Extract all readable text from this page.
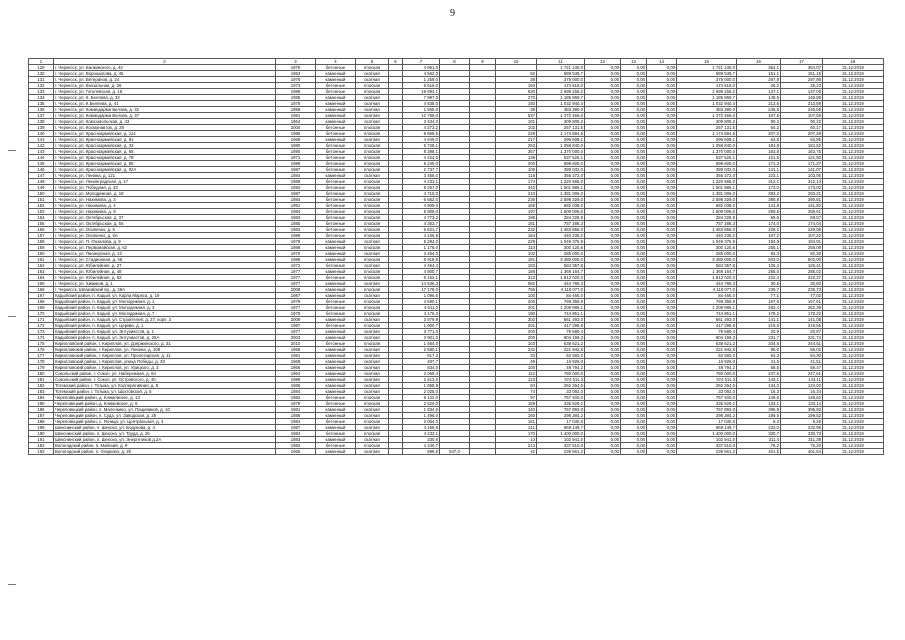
9
1	2	3	4	5	6	7	8	9	10	11	12	13	14	15	16	17	18
129	г. Черкесск, ул. Балкинского, д. 43	1976	бетонные	плоская		4 861,0				1 721 130,0	0,00	0,00	0,00	1 721 130,0	354,1	354,07	31.12.2019
130	г. Черкесск, ул. Ворошилова, д. 45	1953	каменный	скатная		4 562,0			82	689 539,7	0,00	0,00	0,00	689 539,7	151,1	151,15	31.12.2019
131	г. Черкесск, ул. Ветеранов, д. 24	1976	каменный	скатная		1 259,0			38	375 000,0	0,00	0,00	0,00	375 000,0	297,9	297,86	31.12.2019
132	г. Черкесск, ул. Вокзальная, д. 26	1973	бетонные	плоская		6 615,0			193	173 516,0	0,00	0,00	0,00	173 516,0	26,2	26,23	31.12.2019
133	г. Черкесск, ул. Гоголевская, д. 16	1986	бетонные	плоская		19 694,1			620	2 699 156,2	0,00	0,00	0,00	2 699 156,2	137,1	137,05	31.12.2019
134	г. Черкесск, ул. К. Беляева, д. 32	1985	каменный	скатная		7 987,0			270	1 185 869,7	0,00	0,00	0,00	1 185 869,7	148,5	148,85	31.12.2019
135	г. Черкесск, ул. К.Беляева, д. 41	1978	каменный	скатная		4 838,0			193	1 032 940,4	0,00	0,00	0,00	1 032 940,4	213,6	213,59	31.12.2019
136	г. Черкесск, ул. Командарма Белова, д. 32	1986	каменный	скатная		1 555,0			38	383 390,0	0,00	0,00	0,00	383 390,0	246,5	246,56	31.12.2019
137	г. Черкесск, ул. Командарма Белова, д. 37	1981	каменный	скатная		12 758,0			537	1 372 466,0	0,00	0,00	0,00	1 372 466,0	107,6	107,59	31.12.2019
138	г. Черкесск, ул. Комсомольская, д. 43	1964	каменный	скатная		3 434,0			101	309 805,2	0,00	0,00	0,00	309 805,2	90,2	90,22	31.12.2019
139	г. Черкесск, ул. Космонавтов, д. 28	2000	бетонные	плоская		4 273,2			102	257 131,6	0,00	0,00	0,00	257 131,6	60,2	60,17	31.12.2019
140	г. Черкесск, ул. Красноармейская, д. 114	1986	бетонные	плоская		5 669,5			229	1 174 594,8	0,00	0,00	0,00	1 174 594,8	207,2	207,29	31.12.2019
141	г. Черкесск, ул. Красноармейская, д. 81	1969	каменный	скатная		4 649,0			217	296 608,1	0,00	0,00	0,00	296 608,1	63,8	63,85	31.12.2019
142	г. Черкесск, ул. Красноармейская, д. 33	1990	бетонные	плоская		5 728,1			253	1 058 840,0	0,00	0,00	0,00	1 058 840,0	184,8	184,82	31.12.2019
143	г. Черкесск, ул. Красноармейская, д. 65	1990	бетонные	плоская		8 398,1			357	1 370 000,0	0,00	0,00	0,00	1 370 000,0	163,8	163,75	31.12.2019
144	г. Черкесск, ул. Красноармейская, д. 78	1971	бетонные	плоская		4 424,0			139	537 525,1	0,00	0,00	0,00	537 525,1	121,5	121,50	31.12.2019
145	г. Черкесск, ул. Красноармейская, д. 86	1989	бетонные	плоская		5 245,0			200	898 600,0	0,00	0,00	0,00	898 600,0	171,3	171,27	31.12.2019
146	г. Черкесск, ул. Красноармейская, д. 92А	1987	бетонные	плоская		2 737,7			109	389 032,0	0,00	0,00	0,00	389 032,0	141,1	141,07	31.12.2019
147	г. Черкесск, ул. Ленина, д. 121	1984	каменный	скатная		3 458,0			119	356 372,0	0,00	0,00	0,00	356 372,0	103,1	103,06	31.12.2019
148	г. Черкесск, ул. Ленинградская, д. 17	1989	бетонные	плоская		4 231,1			174	1 320 666,0	0,00	0,00	0,00	1 320 666,0	312,1	312,13	31.12.2019
149	г. Черкесск, ул. Победная, д. 43	1992	бетонные	плоская		9 257,0			343	1 601 886,1	0,00	0,00	0,00	1 601 886,1	173,0	173,02	31.12.2019
150	г. Черкесск, ул. Молодежная, д. 18	1987	бетонные	плоская		4 710,0			210	1 381 006,0	0,00	0,00	0,00	1 381 006,0	293,2	293,21	31.12.2019
151	г. Черкесск, ул. Нахимова, д. 3	1984	бетонные	плоская		6 652,0			236	2 599 329,0	0,00	0,00	0,00	2 599 329,0	390,8	390,81	31.12.2019
152	г. Черкесск, ул. Нахимова, д. 4	1991	бетонные	плоская		4 809,0			168	682 038,0	0,00	0,00	0,00	682 038,0	141,8	141,82	31.12.2019
153	г. Черкесск, ул. Нахимова, д. 9	1984	бетонные	плоская		5 808,0			197	1 508 006,0	0,00	0,00	0,00	1 508 006,0	259,6	259,61	31.12.2019
154	г. Черкесск, ул. Октябрьская, д. 37	1983	бетонные	плоская		4 773,2			198	284 328,9	0,00	0,00	0,00	284 328,9	59,6	59,57	31.12.2019
155	г. Черкесск, ул. Октябрьская, д. 55	1985	бетонные	плоская		4 353,7			181	757 288,3	0,00	0,00	0,00	757 288,3	174,0	174,04	31.12.2019
156	г. Черкесск, ул. Осипенко, д. 5	1983	бетонные	плоская		6 621,7			232	1 463 855,0	0,00	0,00	0,00	1 463 855,0	229,1	229,06	31.12.2019
157	г. Черкесск, ул. Осипенко, д. 5А	1989	бетонные	плоская		4 105,8			164	440 235,2	0,00	0,00	0,00	440 235,2	107,2	107,22	31.12.2019
158	г. Черкесск, ул. П. Онзалова, д. 9	1979	каменный	скатная		5 284,0			229	1 049 376,9	0,00	0,00	0,00	1 049 376,9	194,9	194,91	31.12.2019
159	г. Черкесск, ул. Первомайская, д. 62	1989	каменный	плоская		1 176,0			110	300 125,6	0,00	0,00	0,00	300 125,6	255,1	255,09	31.12.2019
160	г. Черкесск, ул. Пионерская, д. 13	1970	каменный	скатная		3 464,0			102	285 000,0	0,00	0,00	0,00	285 000,0	82,3	82,30	31.12.2019
161	г. Черкесск, ул. Стадионная, д. 46	1986	каменный	плоская		6 918,5			181	3 480 000,0	0,00	0,00	0,00	3 480 000,0	503,0	503,00	31.12.2019
162	г. Черкесск, ул. Юбилейная, д. 27	1972	бетонные	скатная		4 464,4			183	584 357,8	0,00	0,00	0,00	584 357,8	126,4	126,41	31.12.2019
163	г. Черкесск, ул. Юбилейная, д. 48	1977	каменный	плоская		4 800,7			186	1 369 164,7	0,00	0,00	0,00	1 369 164,7	285,0	285,02	31.12.2019
164	г. Черкесск, ул. Юбилейная, д. 62	1977	бетонные	плоская		8 152,1			313	1 813 020,0	0,00	0,00	0,00	1 813 020,0	222,4	222,37	31.12.2019
165	г. Черкесск, ул. Химиков, д. 1	1977	каменный	скатная		14 536,3			582	444 785,3	0,00	0,00	0,00	444 785,3	30,6	30,60	31.12.2019
166	г. Черкесск, Шпаковский пр., д. 29А	2008	каменный	плоская		17 178,0			756	4 118 077,0	0,00	0,00	0,00	4 118 077,0	239,7	239,73	31.12.2019
167	Кадыйский район, п. Кадый, ул. Карла Маркса, д. 19	1987	каменный	скатная		1 096,6			100	84 465,0	0,00	0,00	0,00	84 465,0	77,1	77,02	31.12.2019
168	Кадыйский район, п. Кадый, ул. Молодежная, д. 1	1979	бетонные	плоская		4 590,1			200	769 358,9	0,00	0,00	0,00	769 358,9	167,6	167,61	31.12.2019
169	Кадыйский район, п. Кадый, ул. Молодежная, д. 3	1977	бетонные	плоская		4 611,0			201	1 209 886,1	0,00	0,00	0,00	1 209 886,1	262,4	262,39	31.12.2019
170	Кадыйский район, п. Кадый, ул. Молодежная, д. 7	1979	бетонные	плоская		4 176,3			190	744 851,1	0,00	0,00	0,00	744 851,1	178,2	178,22	31.12.2019
171	Кадыйский район, п. Кадый, ул. Строителей, д. 27, корп. 2	2009	каменный	скатная		3 979,9			302	561 493,0	0,00	0,00	0,00	561 493,0	141,1	141,08	31.12.2019
172	Кадыйский район, п. Кадый, ул. Церкви, д. 1	1987	бетонные	плоская		1 900,7			201	417 296,8	0,00	0,00	0,00	417 296,8	219,5	219,55	31.12.2019
173	Кадыйский район, п. Кадый, ул. Энтузиастов, д. 1	1977	каменный	скатная		3 771,0			200	78 689,4	0,00	0,00	0,00	78 689,4	20,9	20,87	31.12.2019
174	Кадыйский район, п. Кадый, ул. Энтузиастов, д. 26А	2003	каменный	скатная		3 901,0			200	904 169,3	0,00	0,00	0,00	904 169,3	231,7	231,74	31.12.2019
175	Кирилловский район, г. Кириллов, ул. Дзержинского, д. 31	2010	бетонные	плоская		1 564,0			103	538 621,2	0,00	0,00	0,00	538 621,2	344,5	344,51	31.12.2019
176	Кирилловский район, г. Кириллов, ул. Ленина, д. 108	1966	каменный	скатная		2 580,1			232	221 942,8	0,00	0,00	0,00	221 942,8	86,0	86,02	31.12.2019
177	Кирилловский район, г. Кириллов, ул. Пролетарская, д. 11	1981	каменный	скатная		817,3			33	52 582,0	0,00	0,00	0,00	52 582,0	64,3	64,30	31.12.2019
178	Кирилловский район, г. Кириллов, улица Победы, д. 28	1969	каменный	скатная		407,7			49	16 926,0	0,00	0,00	0,00	16 926,0	41,5	41,51	31.12.2019
179	Кирилловский район, г. Кириллов, ул. Урицкого, д. 3	1966	каменный	скатная		834,0			100	48 794,2	0,00	0,00	0,00	48 794,2	58,5	58,47	31.12.2019
180	Сокольский район, г. Сокол, ул. Набережная, д. 64	1964	каменный	скатная		3 069,4			112	760 000,0	0,00	0,00	0,00	760 000,0	247,6	247,61	31.12.2019
181	Сокольский район, г. Сокол, ул. Островского, д. 40	1989	каменный	скатная		2 613,5			123	374 011,3	0,00	0,00	0,00	374 011,3	143,1	143,11	31.12.2019
182	Тотемский район, г. Тотьма, ул. Кооперативная, д. 8	1986	каменный	скатная		1 958,9			84	262 264,0	0,00	0,00	0,00	262 264,0	134,0	134,02	31.12.2019
183	Тотемский район, г. Тотьма, ул. Шохтовская, д. 5	1984	каменный	скатная		2 025,0			74	33 092,0	0,00	0,00	0,00	33 092,0	16,3	16,34	31.12.2019
184	Череповецкий район, д. Климовское, д. 13	1983	бетонные	плоская		6 122,0			97	767 400,0	0,00	0,00	0,00	767 400,0	149,6	149,62	31.12.2019
185	Череповецкий район, д. Климовское, д. 6	1978	бетонные	плоская		2 520,0			158	335 528,2	0,00	0,00	0,00	335 528,2	133,1	133,14	31.12.2019
186	Череповецкий район, п. Малечкино, ул. Пищевиков, д. 10	1981	каменный	скатная		1 934,6			140	767 893,0	0,00	0,00	0,00	767 893,0	396,9	396,92	31.12.2019
187	Череповецкий район, п. Суда, ул. Заводская, д. 28	1986	каменный	скатная		1 496,0			150	298 384,2	0,00	0,00	0,00	298 384,2	199,5	199,52	31.12.2019
188	Череповецкий район, с. Ягница, ул. Центральная, д. 4	1984	бетонные	плоская		2 064,0			161	17 030,0	0,00	0,00	0,00	17 030,0	8,3	8,25	31.12.2019
189	Шекснинский район, п. Шексна, ул. Бодунова, д. 4	1987	каменный	скатная		4 159,6			211	969 149,7	0,00	0,00	0,00	969 149,7	233,0	232,99	31.12.2019
190	Шекснинский район, п. Шексна, ул. Труда, д. 26	1984	бетонные	плоская		4 233,1			170	1 400 000,0	0,00	0,00	0,00	1 400 000,0	330,7	330,73	31.12.2019
191	Шекснинский район, п. Шексна, ул. Энергетиков д.2А	1983	каменный	скатная		330,6			13	102 941,0	0,00	0,00	0,00	102 941,0	311,4	311,38	31.12.2019
192	Вологодский район, п. Майский, д. 9	1982	бетонные	плоская		4 430,7			213	337 610,0	0,00	0,00	0,00	337 610,0	76,2	76,20	31.12.2019
193	Вологодский район, п. Огарково, д. 25	1965	каменный	скатная		598,6	547,0		42	239 561,2	0,00	0,00	0,00	239 561,2	401,5	401,54	31.12.2019
